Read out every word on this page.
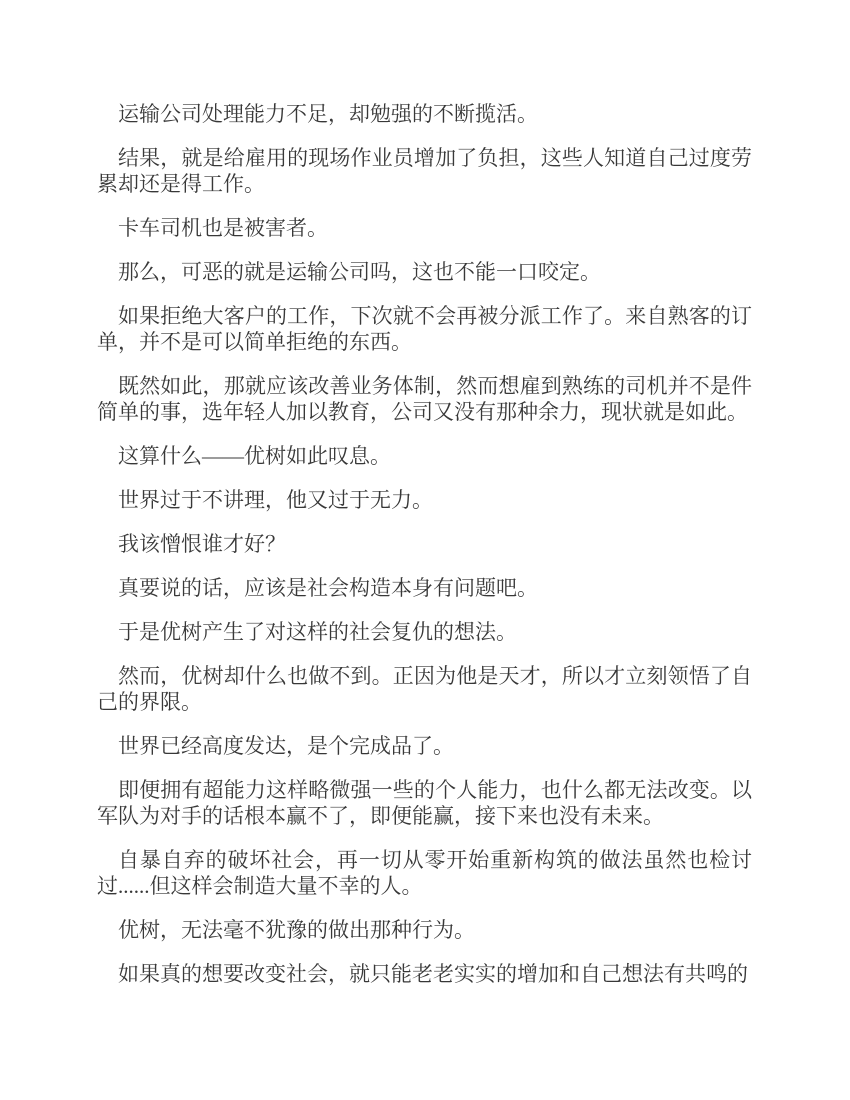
运输公司处理能力不足，却勉强的不断揽活。

结果，就是给雇用的现场作业员增加了负担，这些人知道自己过度劳累却还是得工作。

卡车司机也是被害者。

那么，可恶的就是运输公司吗，这也不能一口咬定。

如果拒绝大客户的工作，下次就不会再被分派工作了。来自熟客的订单，并不是可以简单拒绝的东西。

既然如此，那就应该改善业务体制，然而想雇到熟练的司机并不是件简单的事，选年轻人加以教育，公司又没有那种余力，现状就是如此。

这算什么——优树如此叹息。

世界过于不讲理，他又过于无力。

我该憎恨谁才好？

真要说的话，应该是社会构造本身有问题吧。

于是优树产生了对这样的社会复仇的想法。

然而，优树却什么也做不到。正因为他是天才，所以才立刻领悟了自己的界限。

世界已经高度发达，是个完成品了。

即便拥有超能力这样略微强一些的个人能力，也什么都无法改变。以军队为对手的话根本赢不了，即便能赢，接下来也没有未来。

自暴自弃的破坏社会，再一切从零开始重新构筑的做法虽然也检讨过......但这样会制造大量不幸的人。

优树，无法毫不犹豫的做出那种行为。

如果真的想要改变社会，就只能老老实实的增加和自己想法有共鸣的
